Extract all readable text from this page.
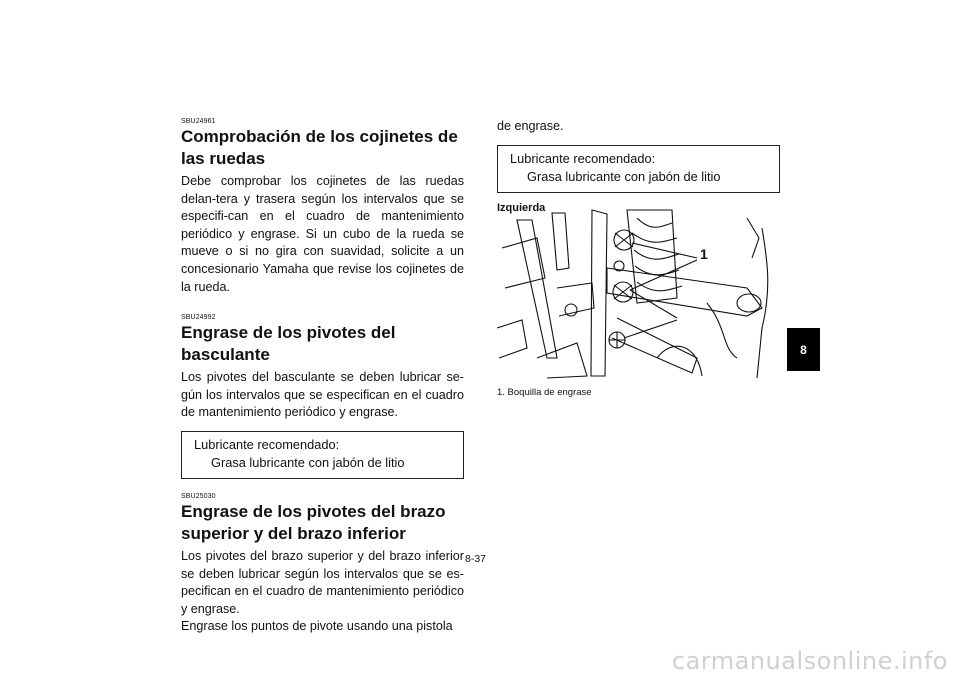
SBU24961

Comprobación de los cojinetes de las ruedas

Debe comprobar los cojinetes de las ruedas delan-tera y trasera según los intervalos que se especifi-can en el cuadro de mantenimiento periódico y engrase. Si un cubo de la rueda se mueve o si no gira con suavidad, solicite a un concesionario Yamaha que revise los cojinetes de la rueda.

SBU24992

Engrase de los pivotes del basculante

Los pivotes del basculante se deben lubricar se-gún los intervalos que se especifican en el cuadro de mantenimiento periódico y engrase.

Lubricante recomendado:
Grasa lubricante con jabón de litio

SBU25030

Engrase de los pivotes del brazo superior y del brazo inferior

Los pivotes del brazo superior y del brazo inferior se deben lubricar según los intervalos que se es-pecifican en el cuadro de mantenimiento periódico y engrase.

Engrase los puntos de pivote usando una pistola

de engrase.

Lubricante recomendado:
Grasa lubricante con jabón de litio

Izquierda

1

1. Boquilla de engrase

8-37
8
carmanualsonline.info
